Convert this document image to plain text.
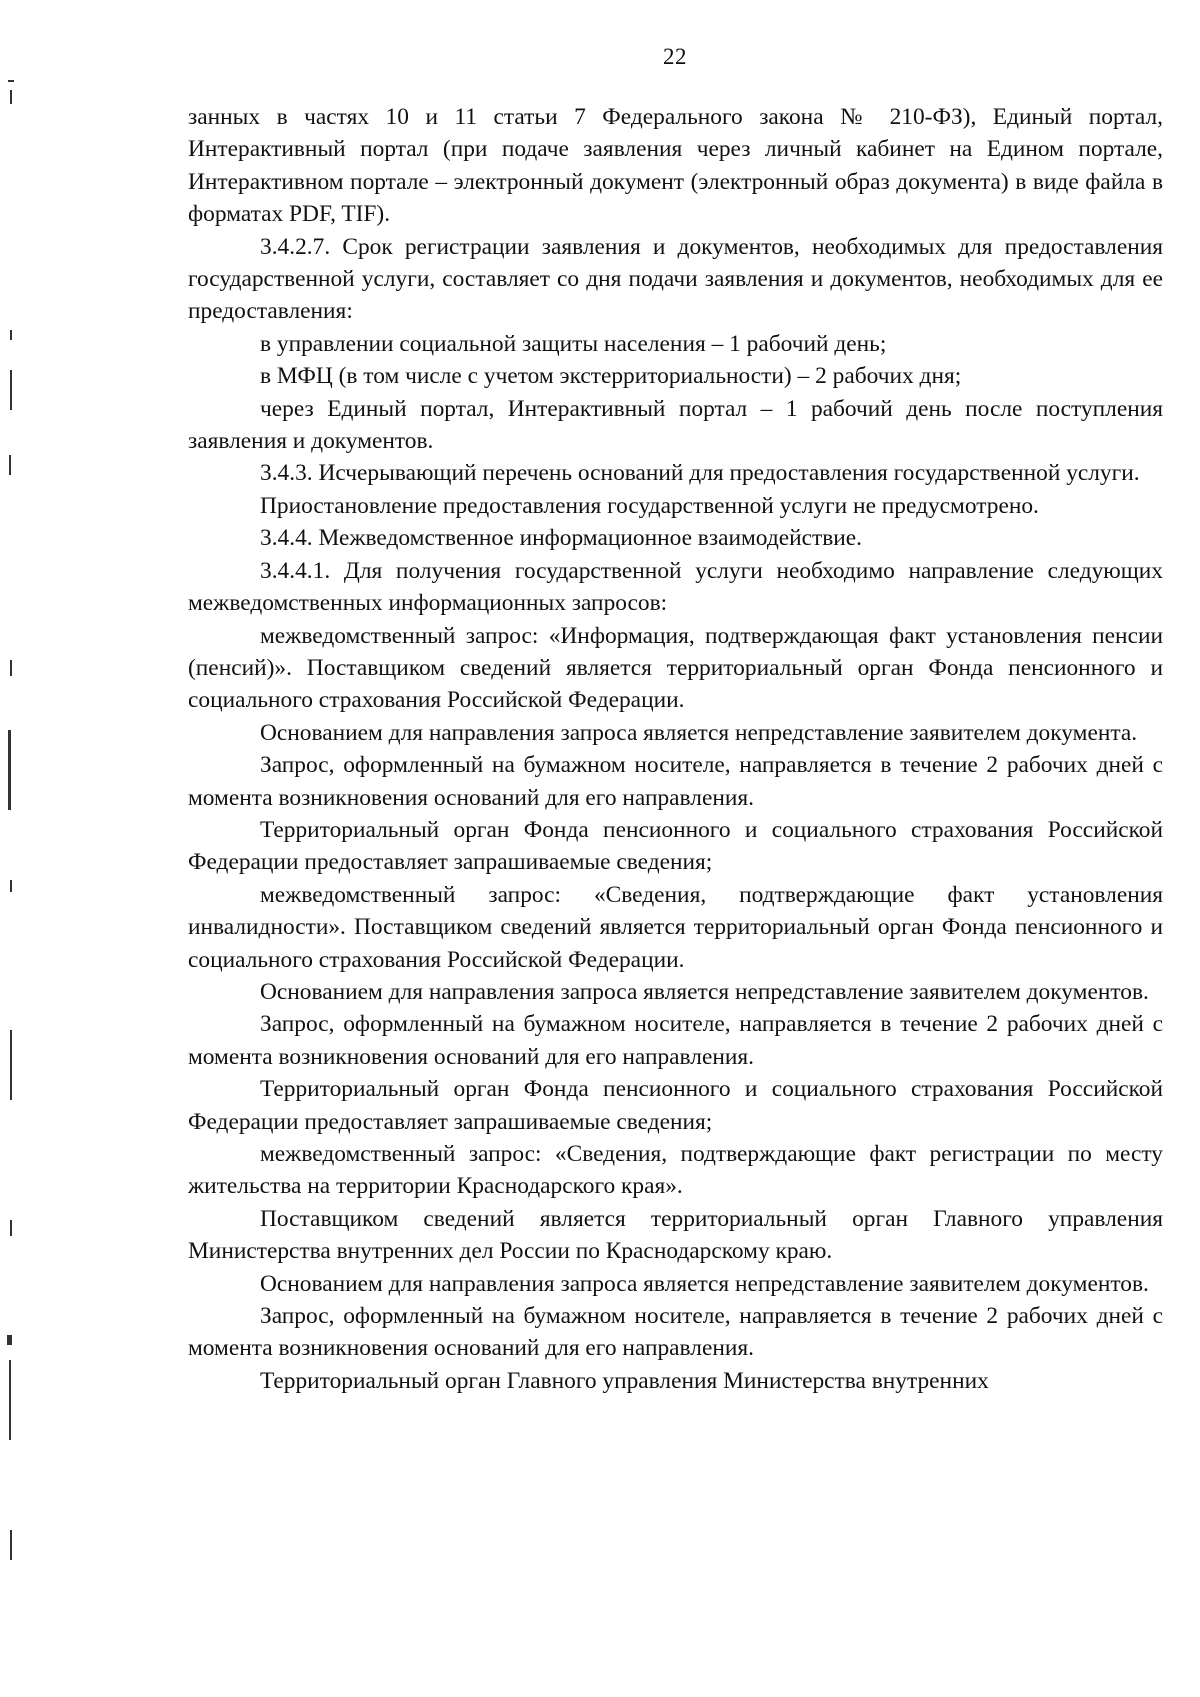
22

занных в частях 10 и 11 статьи 7 Федерального закона № 210-ФЗ), Единый портал, Интерактивный портал (при подаче заявления через личный кабинет на Едином портале, Интерактивном портале – электронный документ (электронный образ документа) в виде файла в форматах PDF, TIF).

3.4.2.7. Срок регистрации заявления и документов, необходимых для предоставления государственной услуги, составляет со дня подачи заявления и документов, необходимых для ее предоставления:

в управлении социальной защиты населения – 1 рабочий день;

в МФЦ (в том числе с учетом экстерриториальности) – 2 рабочих дня;

через Единый портал, Интерактивный портал – 1 рабочий день после поступления заявления и документов.

3.4.3. Исчерывающий перечень оснований для предоставления государственной услуги.

Приостановление предоставления государственной услуги не предусмотрено.

3.4.4. Межведомственное информационное взаимодействие.

3.4.4.1. Для получения государственной услуги необходимо направление следующих межведомственных информационных запросов:

межведомственный запрос: «Информация, подтверждающая факт установления пенсии (пенсий)». Поставщиком сведений является территориальный орган Фонда пенсионного и социального страхования Российской Федерации.

Основанием для направления запроса является непредставление заявителем документа.

Запрос, оформленный на бумажном носителе, направляется в течение 2 рабочих дней с момента возникновения оснований для его направления.

Территориальный орган Фонда пенсионного и социального страхования Российской Федерации предоставляет запрашиваемые сведения;

межведомственный запрос: «Сведения, подтверждающие факт установления инвалидности». Поставщиком сведений является территориальный орган Фонда пенсионного и социального страхования Российской Федерации.

Основанием для направления запроса является непредставление заявителем документов.

Запрос, оформленный на бумажном носителе, направляется в течение 2 рабочих дней с момента возникновения оснований для его направления.

Территориальный орган Фонда пенсионного и социального страхования Российской Федерации предоставляет запрашиваемые сведения;

межведомственный запрос: «Сведения, подтверждающие факт регистрации по месту жительства на территории Краснодарского края».

Поставщиком сведений является территориальный орган Главного управления Министерства внутренних дел России по Краснодарскому краю.

Основанием для направления запроса является непредставление заявителем документов.

Запрос, оформленный на бумажном носителе, направляется в течение 2 рабочих дней с момента возникновения оснований для его направления.

Территориальный орган Главного управления Министерства внутренних
